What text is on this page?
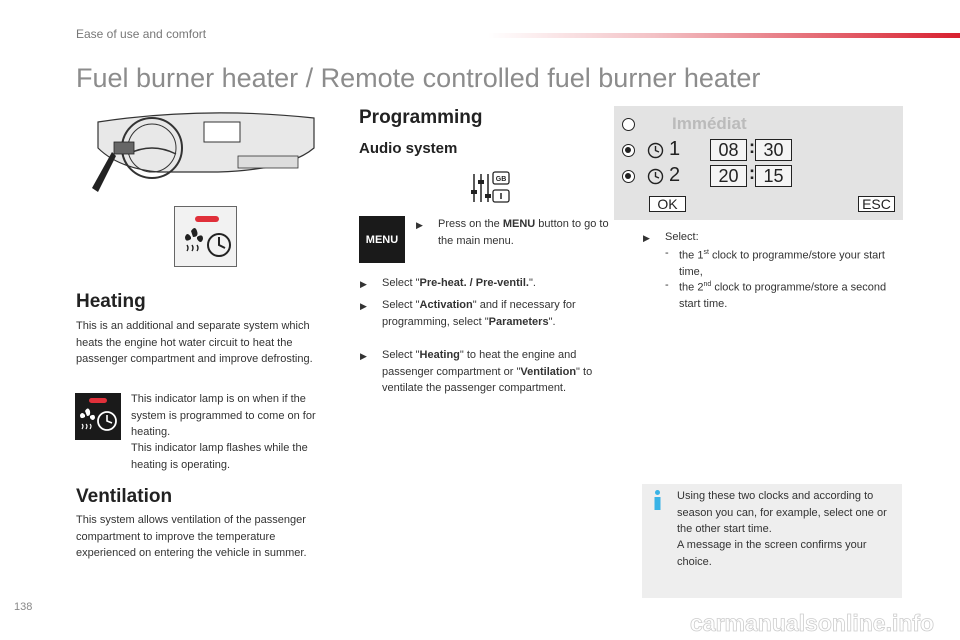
Ease of use and comfort
Fuel burner heater / Remote controlled fuel burner heater
Heating
This is an additional and separate system which heats the engine hot water circuit to heat the passenger compartment and improve defrosting.
This indicator lamp is on when if the system is programmed to come on for heating.
This indicator lamp flashes while the heating is operating.
Ventilation
This system allows ventilation of the passenger compartment to improve the temperature experienced on entering the vehicle in summer.
Programming
Audio system
GB
MENU
▶	Press on the MENU button to go to the main menu.
▶	Select "Pre-heat. / Pre-ventil.".
▶	Select "Activation" and if necessary for programming, select "Parameters".
▶	Select "Heating" to heat the engine and passenger compartment or "Ventilation" to ventilate the passenger compartment.
Immédiat
1	08 : 30
2	20 : 15
OK	ESC
▶	Select:
- the 1st clock to programme/store your start time,
- the 2nd clock to programme/store a second start time.
Using these two clocks and according to season you can, for example, select one or the other start time.
A message in the screen confirms your choice.
138
carmanualsonline.info
